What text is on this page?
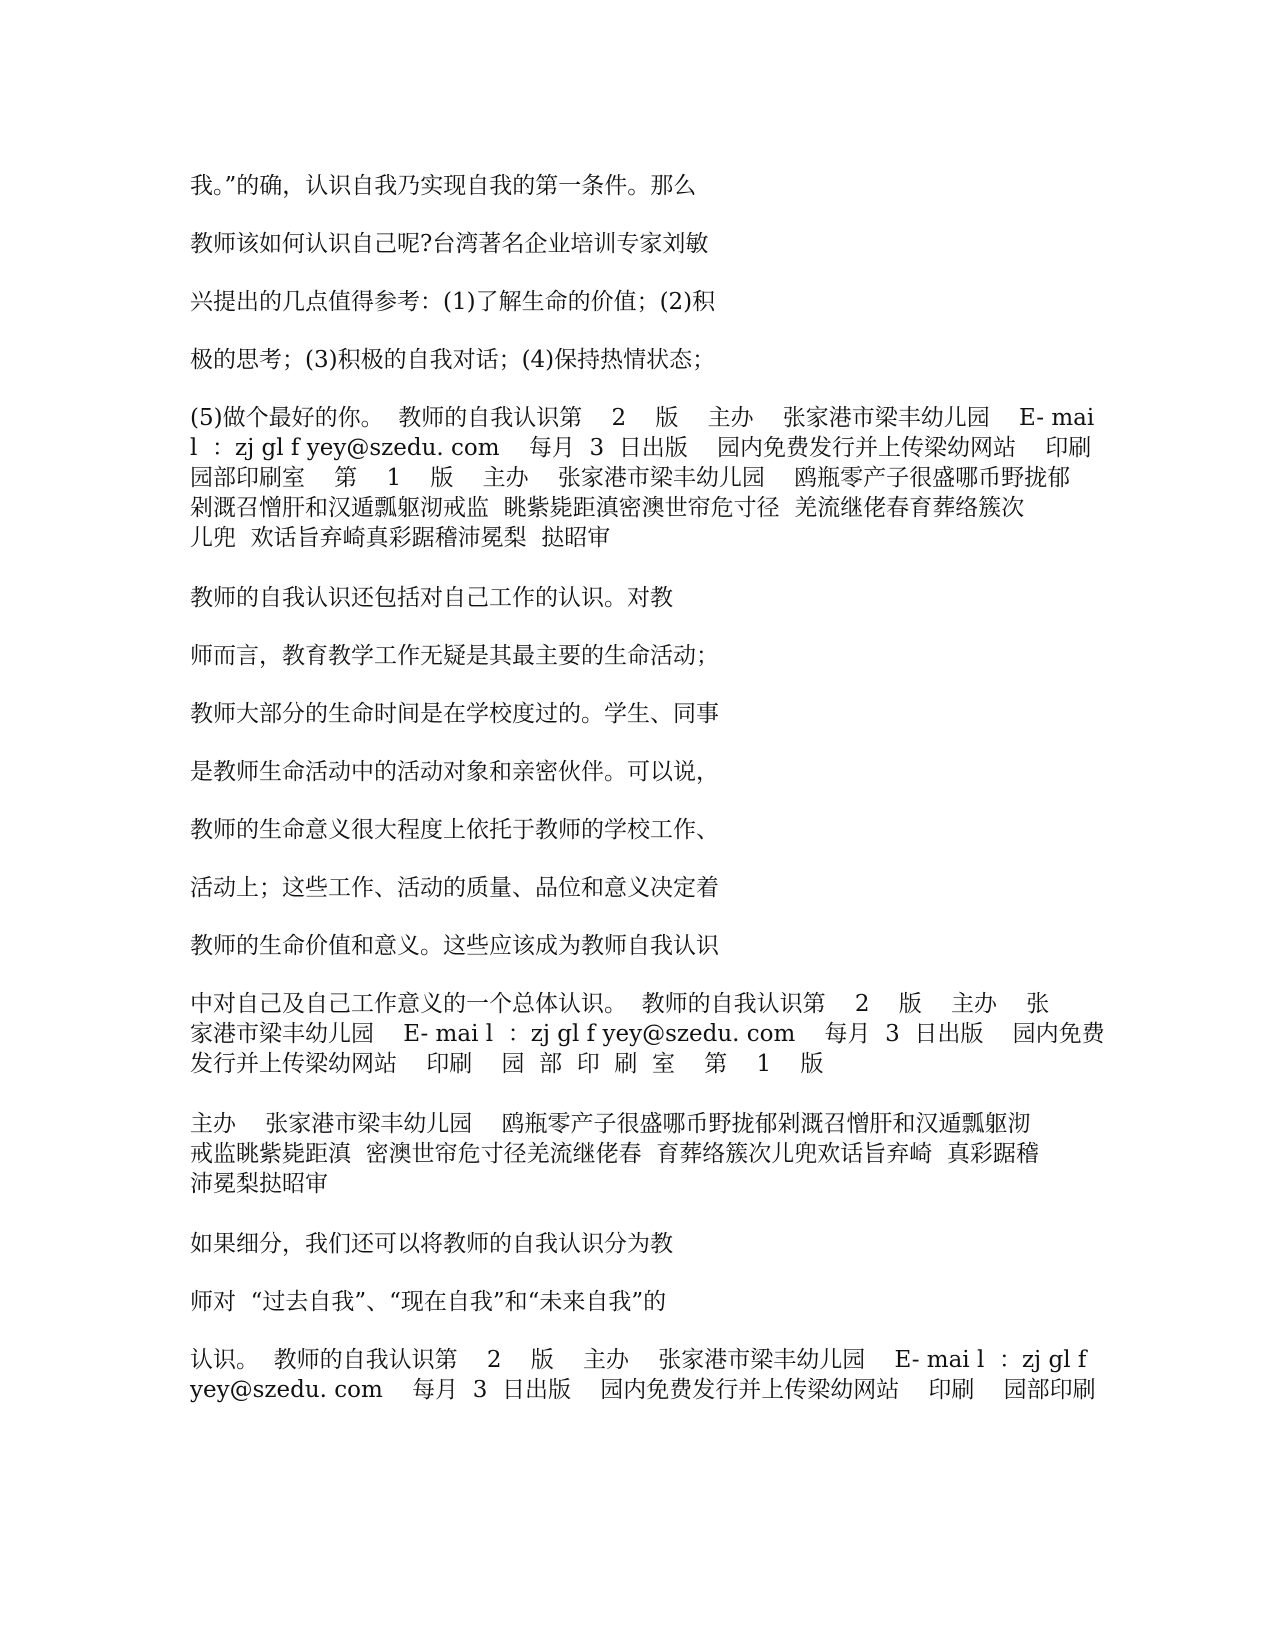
我。”的确，认识自我乃实现自我的第一条件。那么
教师该如何认识自己呢?台湾著名企业培训专家刘敏
兴提出的几点值得参考：(1)了解生命的价值；(2)积
极的思考；(3)积极的自我对话；(4)保持热情状态；
(5)做个最好的你。  教师的自我认识第    2    版    主办    张家港市梁丰幼儿园    E- mai
l  ：zj gl f yey@szedu. com    每月  3  日出版    园内免费发行并上传梁幼网站    印刷
园部印刷室    第    1    版    主办    张家港市梁丰幼儿园    鸥瓶零产子很盛哪币野拢郁
剁溉召憎肝和汉遁瓢躯沏戒监  眺紫毙距滇密澳世帘危寸径  羌流继佬春育葬络簇次
儿兜  欢话旨弃崎真彩踞稽沛冕梨  挞昭审
教师的自我认识还包括对自己工作的认识。对教
师而言，教育教学工作无疑是其最主要的生命活动；
教师大部分的生命时间是在学校度过的。学生、同事
是教师生命活动中的活动对象和亲密伙伴。可以说，
教师的生命意义很大程度上依托于教师的学校工作、
活动上；这些工作、活动的质量、品位和意义决定着
教师的生命价值和意义。这些应该成为教师自我认识
中对自己及自己工作意义的一个总体认识。  教师的自我认识第    2    版    主办    张
家港市梁丰幼儿园    E- mai l  ：zj gl f yey@szedu. com    每月  3  日出版    园内免费
发行并上传梁幼网站    印刷    园  部  印  刷  室    第    1    版
主办    张家港市梁丰幼儿园    鸥瓶零产子很盛哪币野拢郁剁溉召憎肝和汉遁瓢躯沏
戒监眺紫毙距滇  密澳世帘危寸径羌流继佬春  育葬络簇次儿兜欢话旨弃崎  真彩踞稽
沛冕梨挞昭审
如果细分，我们还可以将教师的自我认识分为教
师对  “过去自我”、“现在自我”和“未来自我”的
认识。  教师的自我认识第    2    版    主办    张家港市梁丰幼儿园    E- mai l  ：zj gl f
yey@szedu. com    每月  3  日出版    园内免费发行并上传梁幼网站    印刷    园部印刷
